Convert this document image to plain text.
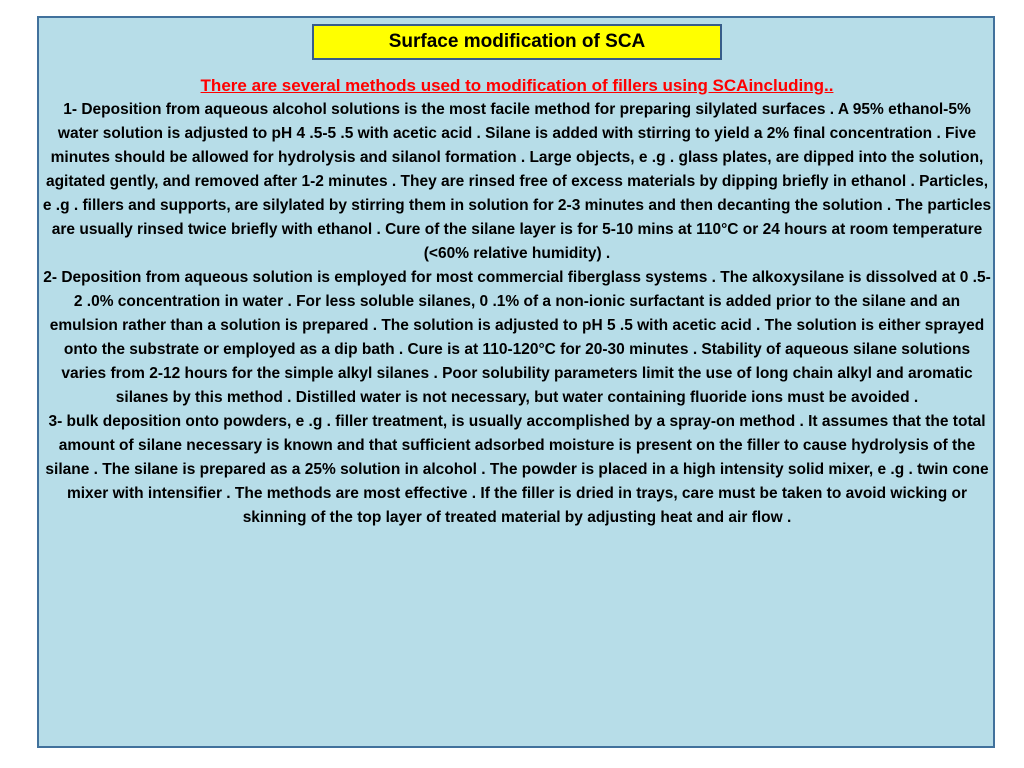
Surface modification of SCA

There are several methods used to modification of fillers using SCAincluding..

1- Deposition from aqueous alcohol solutions is the most facile method for preparing silylated surfaces . A 95% ethanol-5% water solution is adjusted to pH 4 .5-5 .5 with acetic acid . Silane is added with stirring to yield a 2% final concentration . Five minutes should be allowed for hydrolysis and silanol formation . Large objects, e .g . glass plates, are dipped into the solution, agitated gently, and removed after 1-2 minutes . They are rinsed free of excess materials by dipping briefly in ethanol . Particles, e .g . fillers and supports, are silylated by stirring them in solution for 2-3 minutes and then decanting the solution . The particles are usually rinsed twice briefly with ethanol . Cure of the silane layer is for 5-10 mins at 110°C or 24 hours at room temperature (<60% relative humidity) .

2- Deposition from aqueous solution is employed for most commercial fiberglass systems . The alkoxysilane is dissolved at 0 .5-2 .0% concentration in water . For less soluble silanes, 0 .1% of a non-ionic surfactant is added prior to the silane and an emulsion rather than a solution is prepared . The solution is adjusted to pH 5 .5 with acetic acid . The solution is either sprayed onto the substrate or employed as a dip bath . Cure is at 110-120°C for 20-30 minutes . Stability of aqueous silane solutions varies from 2-12 hours for the simple alkyl silanes . Poor solubility parameters limit the use of long chain alkyl and aromatic silanes by this method . Distilled water is not necessary, but water containing fluoride ions must be avoided .

3- bulk deposition onto powders, e .g . filler treatment, is usually accomplished by a spray-on method . It assumes that the total amount of silane necessary is known and that sufficient adsorbed moisture is present on the filler to cause hydrolysis of the silane . The silane is prepared as a 25% solution in alcohol . The powder is placed in a high intensity solid mixer, e .g . twin cone mixer with intensifier . The methods are most effective . If the filler is dried in trays, care must be taken to avoid wicking or skinning of the top layer of treated material by adjusting heat and air flow .
